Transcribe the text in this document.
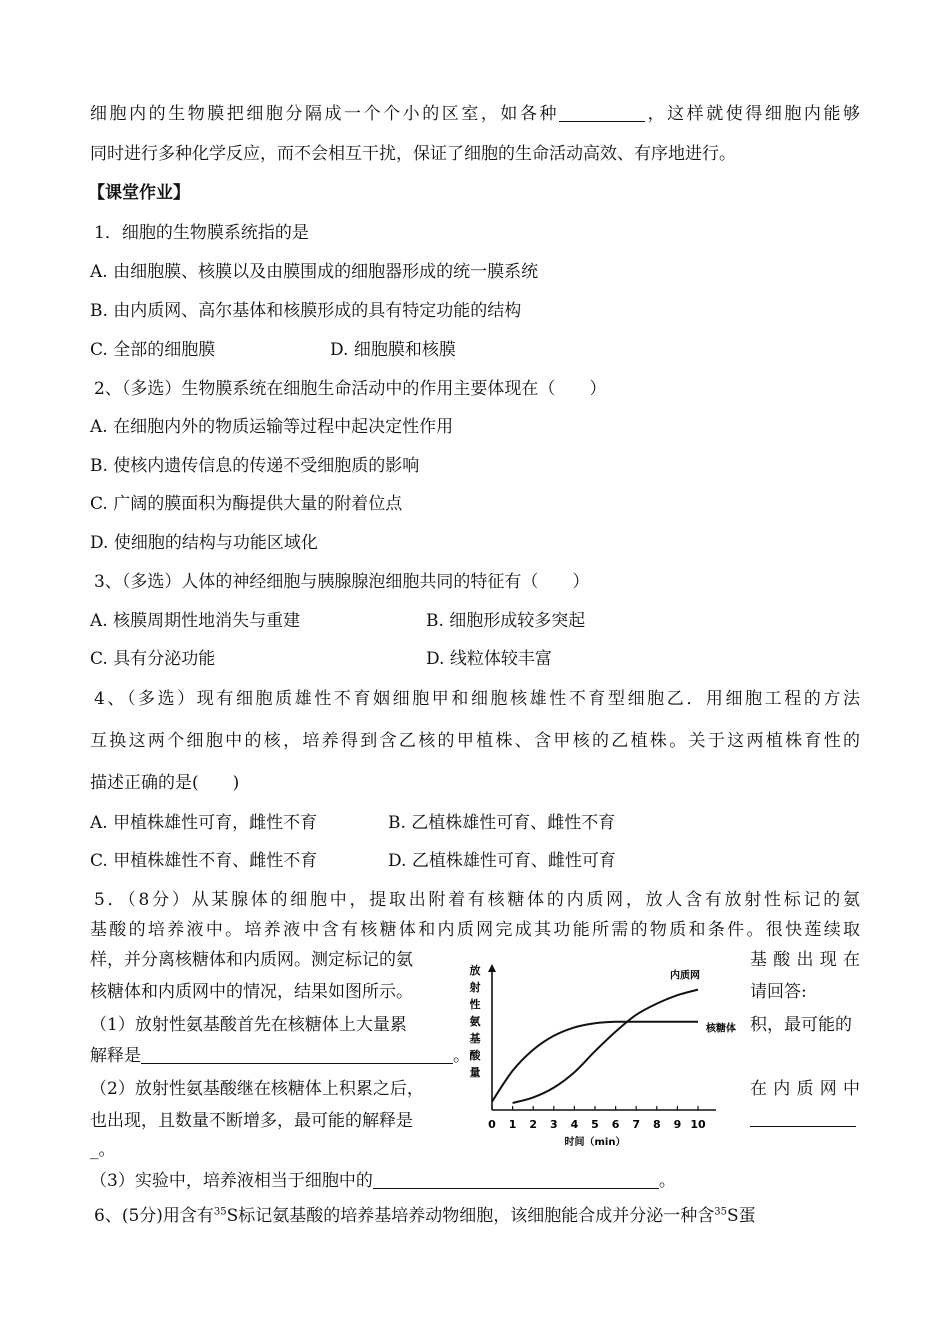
细胞内的生物膜把细胞分隔成一个个小的区室，如各种	，这样就使得细胞内能够
同时进行多种化学反应，而不会相互干扰，保证了细胞的生命活动高效、有序地进行。
【课堂作业】
1．细胞的生物膜系统指的是
A. 由细胞膜、核膜以及由膜围成的细胞器形成的统一膜系统
B. 由内质网、高尔基体和核膜形成的具有特定功能的结构
C. 全部的细胞膜	D. 细胞膜和核膜
2、（多选）生物膜系统在细胞生命活动中的作用主要体现在（　　）
A. 在细胞内外的物质运输等过程中起决定性作用
B. 使核内遗传信息的传递不受细胞质的影响
C. 广阔的膜面积为酶提供大量的附着位点
D. 使细胞的结构与功能区域化
3、（多选）人体的神经细胞与胰腺腺泡细胞共同的特征有（　　）
A. 核膜周期性地消失与重建	B. 细胞形成较多突起
C. 具有分泌功能	D. 线粒体较丰富
4、（多选）现有细胞质雄性不育姻细胞甲和细胞核雄性不育型细胞乙．用细胞工程的方法
互换这两个细胞中的核，培养得到含乙核的甲植株、含甲核的乙植株。关于这两植株育性的
描述正确的是(　　)
A. 甲植株雄性可育，雌性不育	B. 乙植株雄性可育、雌性不育
C. 甲植株雄性不育、雌性不育	D. 乙植株雄性可育、雌性可育
5．（8分）从某腺体的细胞中，提取出附着有核糖体的内质网，放人含有放射性标记的氨
基酸的培养液中。培养液中含有核糖体和内质网完成其功能所需的物质和条件。很快莲续取
样，并分离核糖体和内质网。测定标记的氨	基酸出现在
核糖体和内质网中的情况，结果如图所示。	请回答:
（1）放射性氨基酸首先在核糖体上大量累	积，最可能的
解释是	。
（2）放射性氨基酸继在核糖体上积累之后，	在内质网中
也出现，且数量不断增多，最可能的解释是
_。
（3）实验中，培养液相当于细胞中的	。
6、(5分)用含有$^{35}$S标记氨基酸的培养基培养动物细胞，该细胞能合成并分泌一种含$^{35}$S蛋
放
射
性
氨
基
酸
量
0 1 2 3 4 5 6 7 8 9 10
时间（min）
内质网
核糖体
